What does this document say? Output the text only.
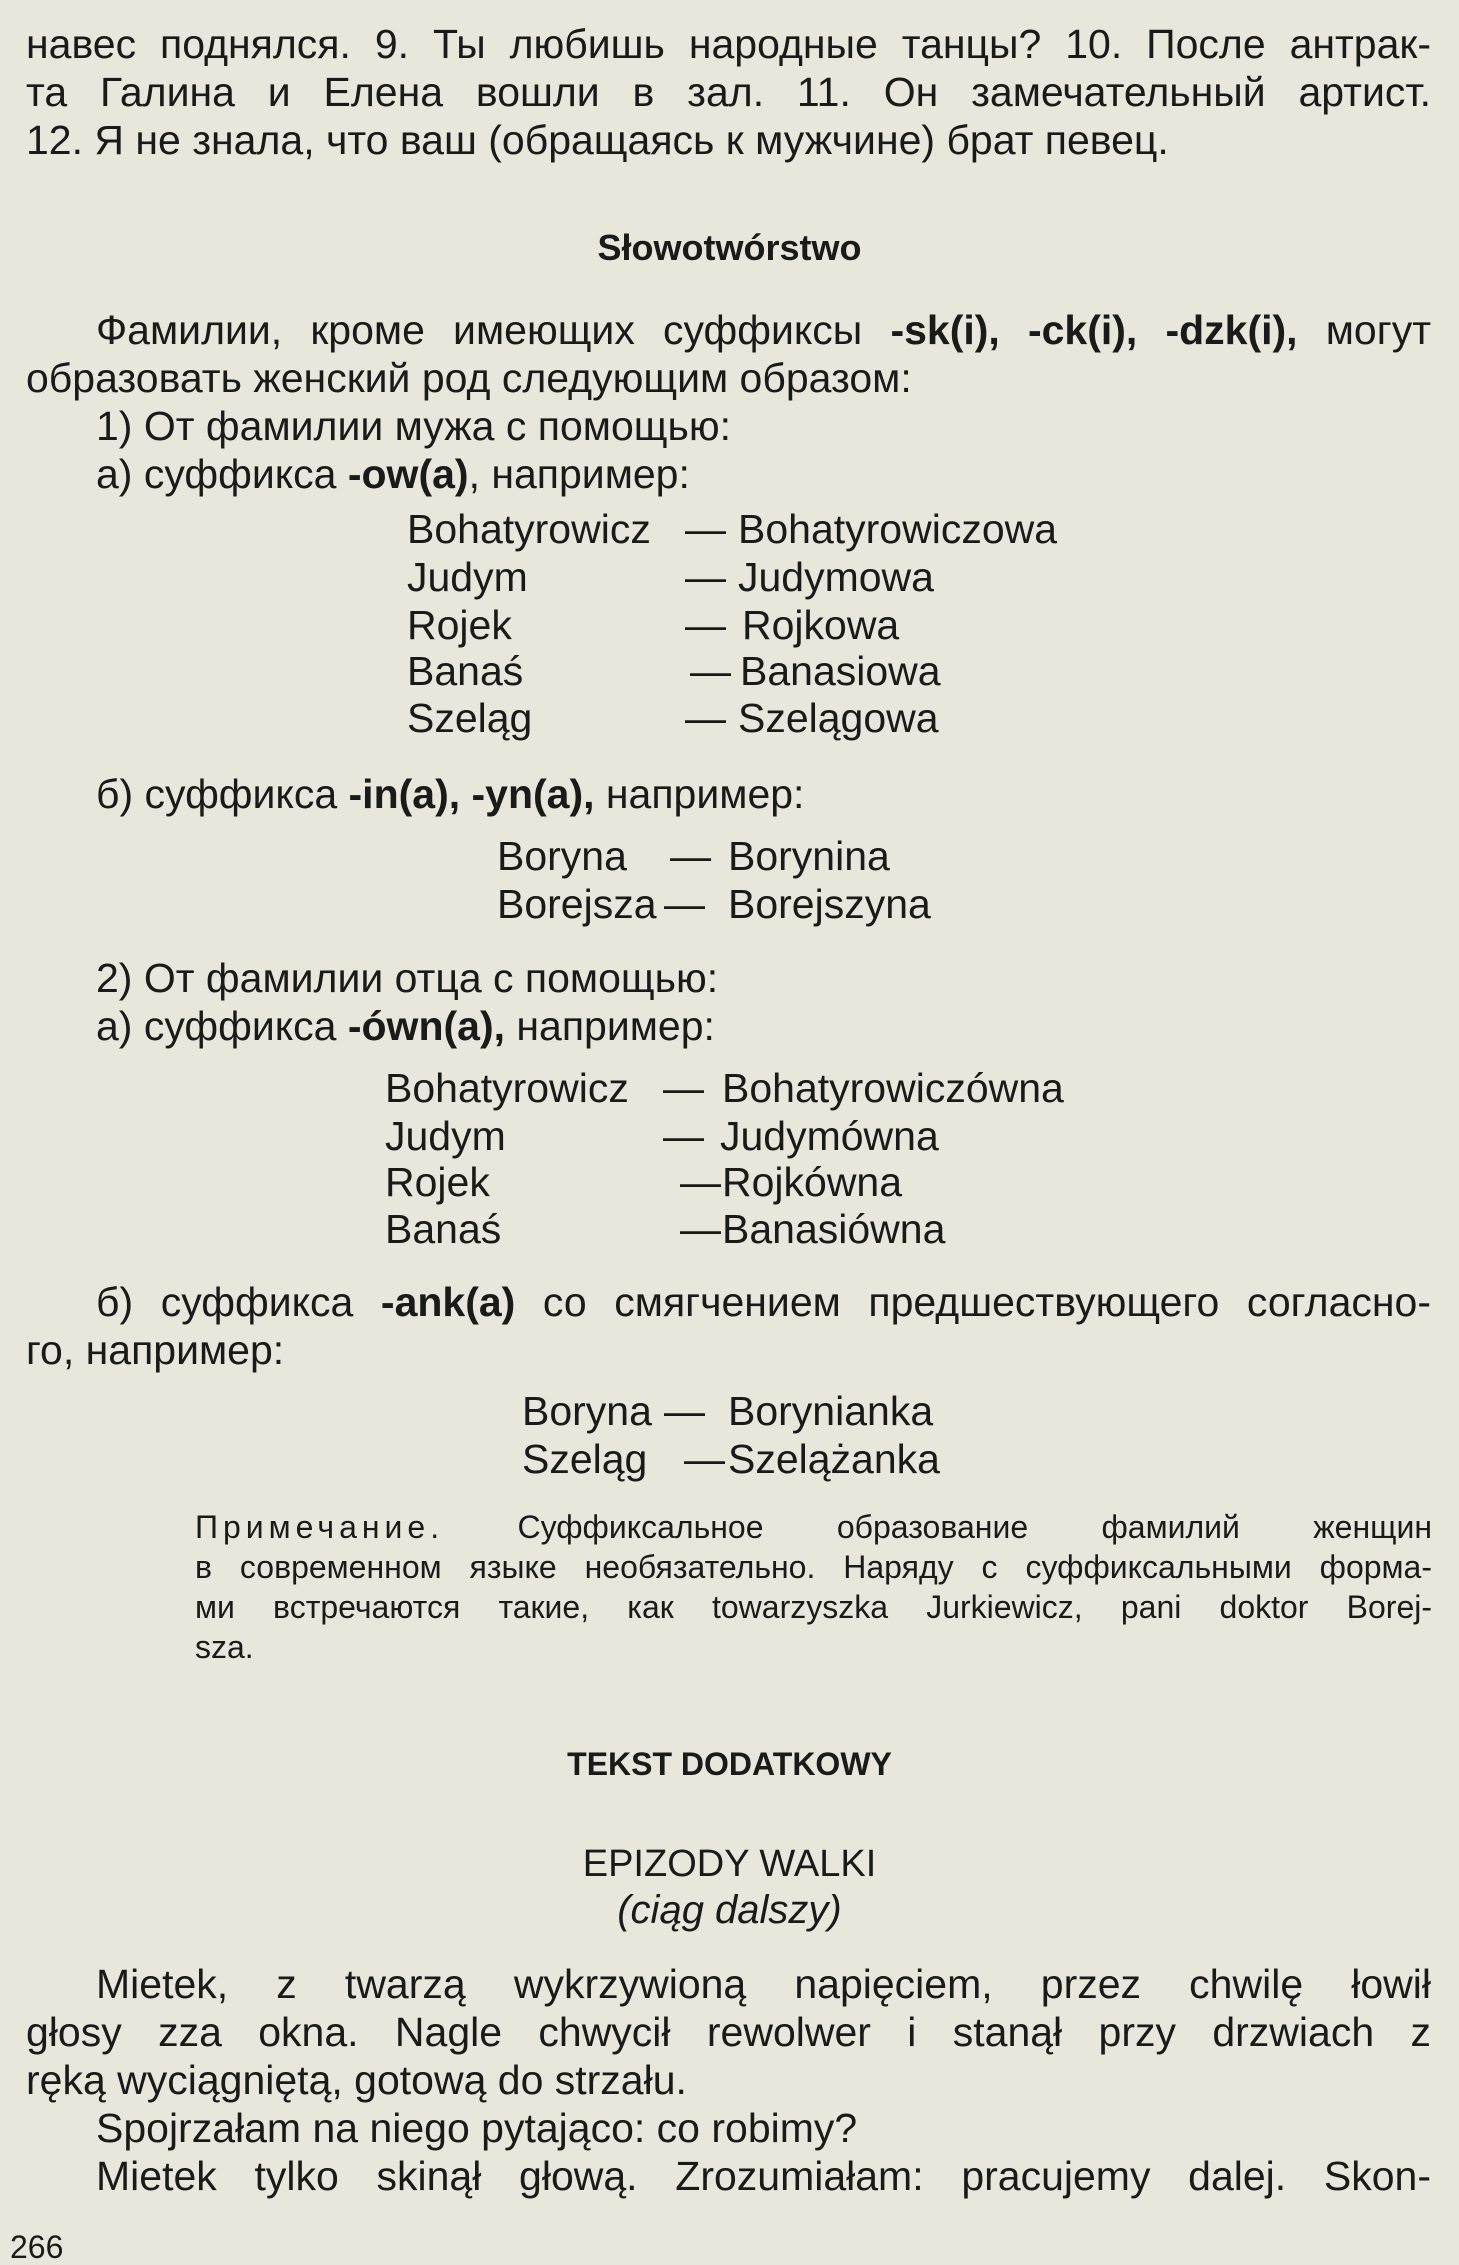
навес поднялся. 9. Ты любишь народные танцы? 10. После антрак-
та Галина и Елена вошли в зал. 11. Он замечательный артист.
12. Я не знала, что ваш (обращаясь к мужчине) брат певец.
Słowotwórstwo
Фамилии, кроме имеющих суффиксы -sk(i), -ck(i), -dzk(i), могут
образовать женский род следующим образом:
1) От фамилии мужа с помощью:
а) суффикса -ow(a), например:
Bohatyrowicz — Bohatyrowiczowa
Judym	— Judymowa
Rojek	— Rojkowa
Banaś	— Banasiowa
Szeląg	— Szelągowa
б) суффикса -in(a), -yn(a), например:
Boryna — Borynina
Borejsza — Borejszyna
2) От фамилии отца с помощью:
а) суффикса -ówn(a), например:
Bohatyrowicz — Bohatyrowiczówna
Judym	— Judymówna
Rojek	— Rojkówna
Banaś	— Banasiówna
б) суффикса -ank(a) со смягчением предшествующего согласно-
го, например:
Boryna — Borynianka
Szeląg — Szelążanka
Примечание. Суффиксальное образование фамилий женщин
в современном языке необязательно. Наряду с суффиксальными форма-
ми встречаются такие, как towarzyszka Jurkiewicz, pani doktor Borej-
sza.
TEKST DODATKOWY
EPIZODY WALKI
(ciąg dalszy)
Mietek, z twarzą wykrzywioną napięciem, przez chwilę łowił
głosy zza okna. Nagle chwycił rewolwer i stanął przy drzwiach z
ręką wyciągniętą, gotową do strzału.
Spojrzałam na niego pytająco: co robimy?
Mietek tylko skinął głową. Zrozumiałam: pracujemy dalej. Skon-
266
